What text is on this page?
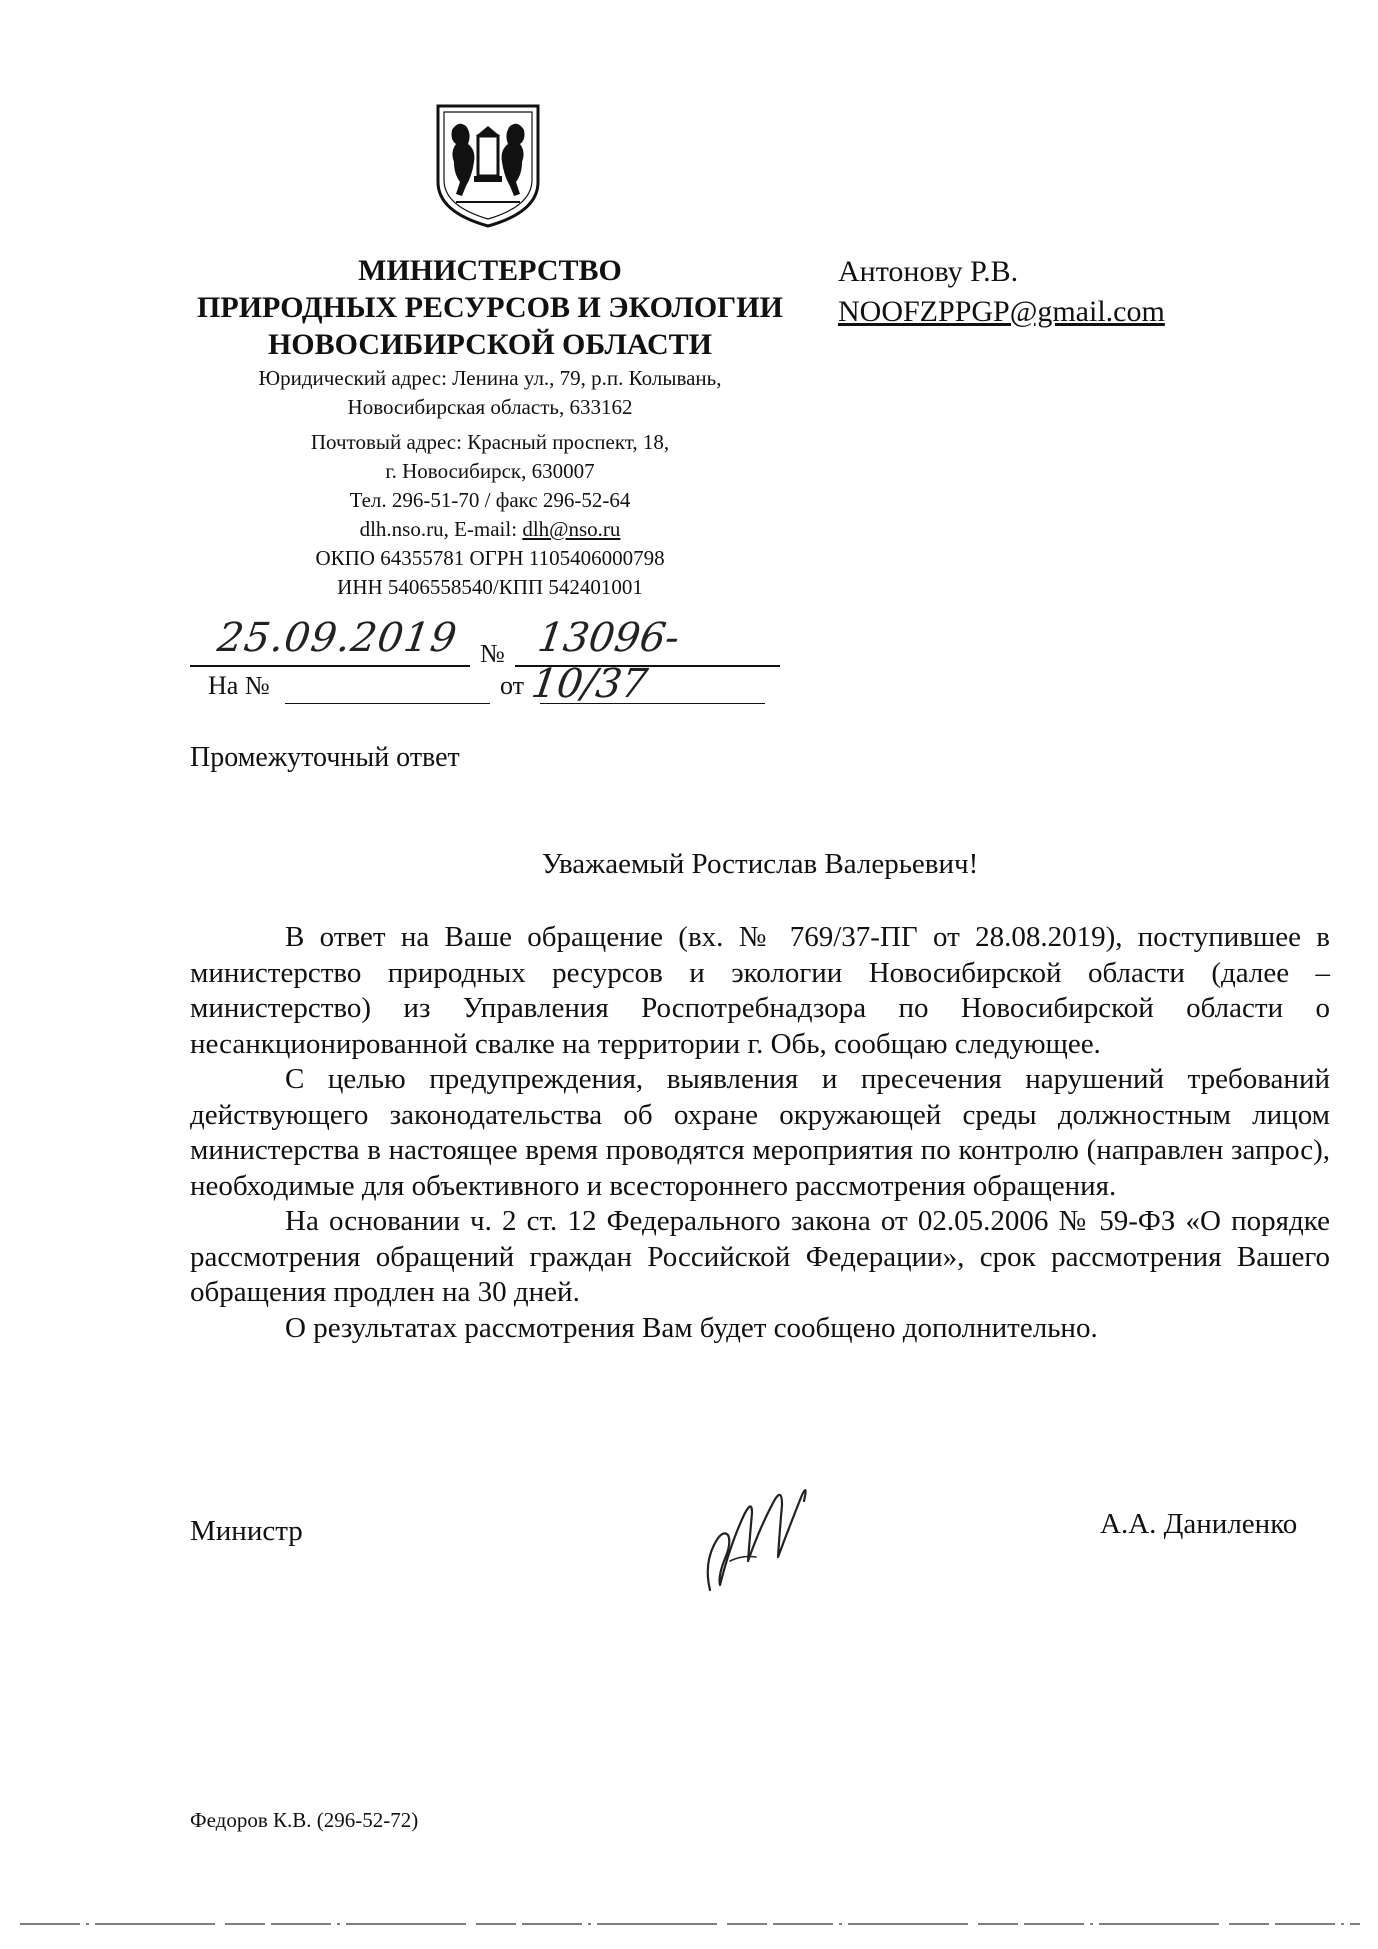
МИНИСТЕРСТВО
ПРИРОДНЫХ РЕСУРСОВ И ЭКОЛОГИИ
НОВОСИБИРСКОЙ ОБЛАСТИ
Юридический адрес: Ленина ул., 79, р.п. Колывань,
Новосибирская область, 633162
Почтовый адрес: Красный проспект, 18,
г. Новосибирск, 630007
Тел. 296-51-70 / факс 296-52-64
dlh.nso.ru, E-mail: dlh@nso.ru
ОКПО 64355781 ОГРН 1105406000798
ИНН 5406558540/КПП 542401001
Антонову Р.В.
NOOFZPPGP@gmail.com
25.09.2019 № 13096-10/37
На №	от
Промежуточный ответ
Уважаемый Ростислав Валерьевич!

В ответ на Ваше обращение (вх. № 769/37-ПГ от 28.08.2019), поступившее в министерство природных ресурсов и экологии Новосибирской области (далее – министерство) из Управления Роспотребнадзора по Новосибирской области о несанкционированной свалке на территории г. Обь, сообщаю следующее.

С целью предупреждения, выявления и пресечения нарушений требований действующего законодательства об охране окружающей среды должностным лицом министерства в настоящее время проводятся мероприятия по контролю (направлен запрос), необходимые для объективного и всестороннего рассмотрения обращения.

На основании ч. 2 ст. 12 Федерального закона от 02.05.2006 № 59-ФЗ «О порядке рассмотрения обращений граждан Российской Федерации», срок рассмотрения Вашего обращения продлен на 30 дней.

О результатах рассмотрения Вам будет сообщено дополнительно.

Министр	А.А. Даниленко
Федоров К.В. (296-52-72)
